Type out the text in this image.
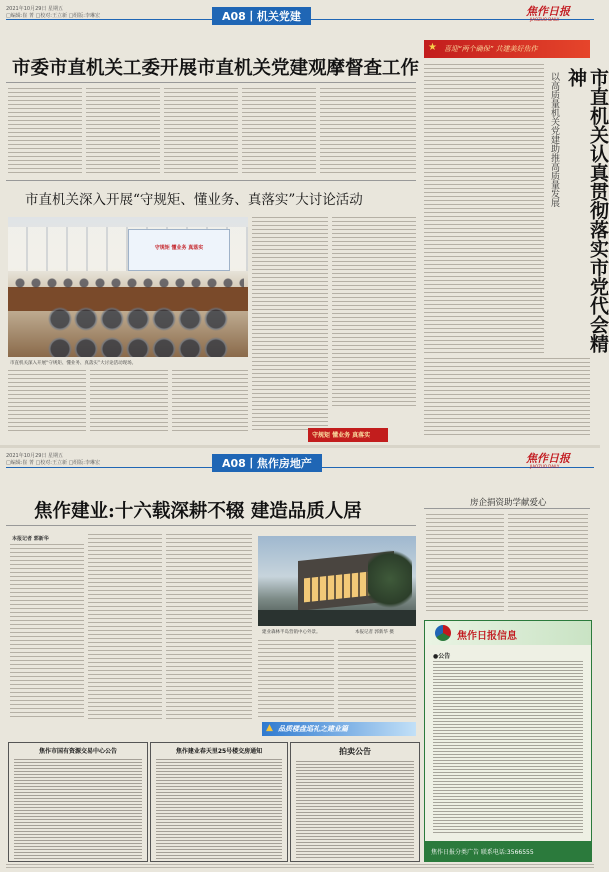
2021年10月29日 星期五
□编辑:崔 菁 □校对:王立新 □组版:李琳宏	A08丨机关党建	焦作日报
JIAOZUO DAILY
★ 喜迎“两个确保” 共建美好焦作
市委市直机关工委开展市直机关党建观摩督查工作
市直机关深入开展“守规矩、懂业务、真落实”大讨论活动
守规矩 懂业务 真落实
市直机关深入开展“守规矩、懂业务、真落实”大讨论活动现场。
守规矩 懂业务 真落实
市直机关认真贯彻落实市党代会精神
以高质量机关党建助推高质量发展
2021年10月29日 星期五
□编辑:崔 菁 □校对:王立新 □组版:李琳宏	A08丨焦作房地产	焦作日报
JIAOZUO DAILY
焦作建业:十六载深耕不辍 建造品质人居
本报记者 郭新华
建业森林半岛营销中心外景。	本报记者 郭新华 摄
房企捐资助学献爱心
▲ 品质楼盘巡礼之建业篇
焦作日报信息
●公告
焦作日报分类广告 联系电话:3566555
焦作市国有资源交易中心公告	焦作建业春天里25号楼交房通知	拍卖公告
